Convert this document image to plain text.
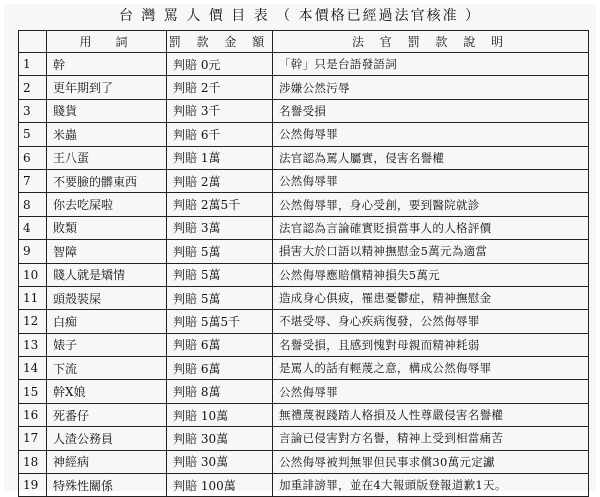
台 灣 罵 人 價 目 表 （ 本價格已經過法官核准 ）
	用　詞	罰 款 金 額	法 官 罰 款 說 明
1	幹	判賠 0元	「幹」只是台語發語詞
2	更年期到了	判賠 2千	涉嫌公然污辱
3	賤貨	判賠 3千	名譽受損
5	米蟲	判賠 6千	公然侮辱罪
6	王八蛋	判賠 1萬	法官認為罵人屬實，侵害名譽權
7	不要臉的髒東西	判賠 2萬	公然侮辱罪
8	你去吃屎啦	判賠 2萬5千	公然侮辱罪，身心受創，要到醫院就診
4	敗類	判賠 3萬	法官認為言論確實貶損當事人的人格評價
9	智障	判賠 5萬	損害大於口語以精神撫慰金5萬元為適當
10	賤人就是矯情	判賠 5萬	公然侮辱應賠償精神損失5萬元
11	頭殼裝屎	判賠 5萬	造成身心俱疲，罹患憂鬱症，精神撫慰金
12	白痴	判賠 5萬5千	不堪受辱、身心疾病復發，公然侮辱罪
13	婊子	判賠 6萬	名譽受損，且感到愧對母親而精神耗弱
14	下流	判賠 6萬	是罵人的話有輕蔑之意，構成公然侮辱罪
15	幹X娘	判賠 8萬	公然侮辱罪
16	死番仔	判賠 10萬	無禮蔑視踐踏人格損及人性尊嚴侵害名譽權
17	人渣公務員	判賠 30萬	言論已侵害對方名譽，精神上受到相當痛苦
18	神經病	判賠 30萬	公然侮辱被判無罪但民事求償30萬元定讞
19	特殊性關係	判賠 100萬	加重誹謗罪，並在4大報頭版登報道歉1天。
